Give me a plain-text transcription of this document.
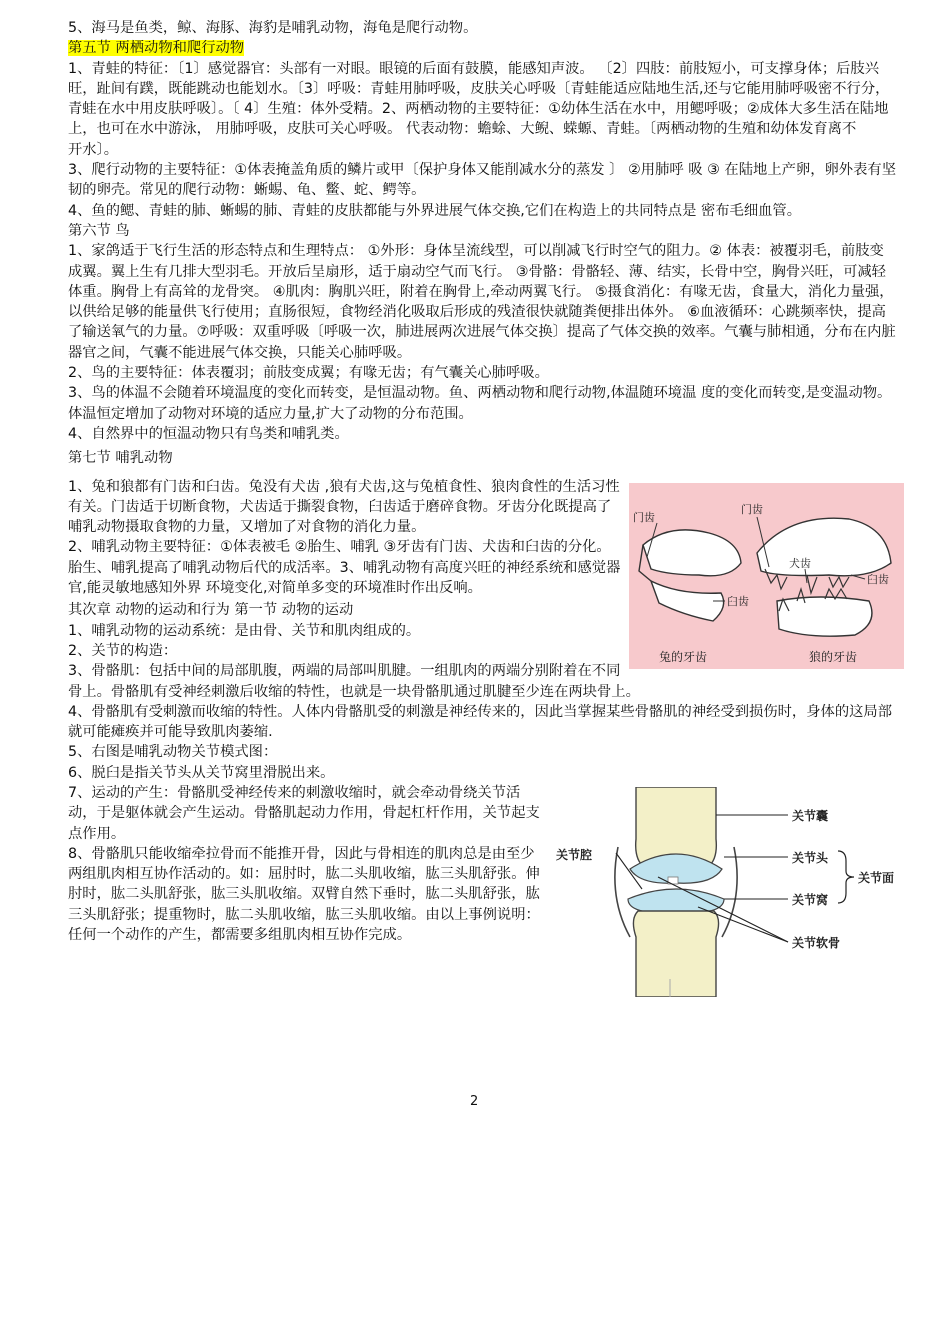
5、海马是鱼类，鲸、海豚、海豹是哺乳动物，海龟是爬行动物。

第五节 两栖动物和爬行动物

1、青蛙的特征：〔1〕感觉器官：头部有一对眼。眼镜的后面有鼓膜，能感知声波。 〔2〕四肢：前肢短小，可支撑身体；后肢兴旺，趾间有蹼，既能跳动也能划水。〔3〕呼吸：青蛙用肺呼吸，皮肤关心呼吸〔青蛙能适应陆地生活,还与它能用肺呼吸密不行分，青蛙在水中用皮肤呼吸〕。〔 4〕生殖：体外受精。2、两栖动物的主要特征：①幼体生活在水中，用鳃呼吸；②成体大多生活在陆地上，也可在水中游泳， 用肺呼吸，皮肤可关心呼吸。 代表动物：蟾蜍、大鲵、蝾螈、青蛙。〔两栖动物的生殖和幼体发育离不

开水〕。

3、爬行动物的主要特征：①体表掩盖角质的鳞片或甲〔保护身体又能削减水分的蒸发 〕 ②用肺呼 吸 ③ 在陆地上产卵，卵外表有坚韧的卵壳。常见的爬行动物：蜥蜴、龟、鳖、蛇、鳄等。

4、鱼的鳃、青蛙的肺、蜥蜴的肺、青蛙的皮肤都能与外界进展气体交换,它们在构造上的共同特点是 密布毛细血管。

第六节 鸟

1、家鸽适于飞行生活的形态特点和生理特点： ①外形：身体呈流线型，可以削减飞行时空气的阻力。② 体表：被覆羽毛，前肢变成翼。翼上生有几排大型羽毛。开放后呈扇形，适于扇动空气而飞行。 ③骨骼：骨骼轻、薄、结实，长骨中空，胸骨兴旺，可减轻体重。胸骨上有高耸的龙骨突。 ④肌肉：胸肌兴旺，附着在胸骨上,牵动两翼飞行。 ⑤摄食消化：有喙无齿，食量大，消化力量强，以供给足够的能量供飞行使用；直肠很短，食物经消化吸取后形成的残渣很快就随粪便排出体外。 ⑥血液循环：心跳频率快，提高了输送氧气的力量。⑦呼吸：双重呼吸〔呼吸一次，肺进展两次进展气体交换〕提高了气体交换的效率。气囊与肺相通，分布在内脏器官之间，气囊不能进展气体交换，只能关心肺呼吸。

2、鸟的主要特征：体表覆羽；前肢变成翼；有喙无齿；有气囊关心肺呼吸。

3、鸟的体温不会随着环境温度的变化而转变，是恒温动物。鱼、两栖动物和爬行动物,体温随环境温 度的变化而转变,是变温动物。体温恒定增加了动物对环境的适应力量,扩大了动物的分布范围。

4、自然界中的恒温动物只有鸟类和哺乳类。

第七节 哺乳动物

门齿
门齿
犬齿
臼齿
臼齿
兔的牙齿	狼的牙齿

1、兔和狼都有门齿和臼齿。兔没有犬齿 ,狼有犬齿,这与兔植食性、狼肉食性的生活习性有关。门齿适于切断食物，犬齿适于撕裂食物，臼齿适于磨碎食物。牙齿分化既提高了哺乳动物摄取食物的力量，又增加了对食物的消化力量。

2、哺乳动物主要特征：①体表被毛 ②胎生、哺乳 ③牙齿有门齿、犬齿和臼齿的分化。胎生、哺乳提高了哺乳动物后代的成活率。3、哺乳动物有高度兴旺的神经系统和感觉器官,能灵敏地感知外界 环境变化,对简单多变的环境准时作出反响。

其次章 动物的运动和行为 第一节 动物的运动

1、哺乳动物的运动系统：是由骨、关节和肌肉组成的。

2、关节的构造：

3、骨骼肌：包括中间的局部肌腹，两端的局部叫肌腱。一组肌肉的两端分别附着在不同骨上。骨骼肌有受神经刺激后收缩的特性，也就是一块骨骼肌通过肌腱至少连在两块骨上。

4、骨骼肌有受刺激而收缩的特性。人体内骨骼肌受的刺激是神经传来的，因此当掌握某些骨骼肌的神经受到损伤时，身体的这局部就可能瘫痪并可能导致肌肉萎缩.

5、右图是哺乳动物关节模式图：

6、脱臼是指关节头从关节窝里滑脱出来。

关节囊
关节腔	关节头
关节面
关节窝
关节软骨

7、运动的产生：骨骼肌受神经传来的刺激收缩时，就会牵动骨绕关节活动，于是躯体就会产生运动。骨骼肌起动力作用，骨起杠杆作用，关节起支点作用。

8、骨骼肌只能收缩牵拉骨而不能推开骨，因此与骨相连的肌肉总是由至少两组肌肉相互协作活动的。如：屈肘时，肱二头肌收缩，肱三头肌舒张。伸肘时，肱二头肌舒张，肱三头肌收缩。双臂自然下垂时，肱二头肌舒张，肱三头肌舒张；提重物时，肱二头肌收缩，肱三头肌收缩。由以上事例说明：任何一个动作的产生，都需要多组肌肉相互协作完成。

2
